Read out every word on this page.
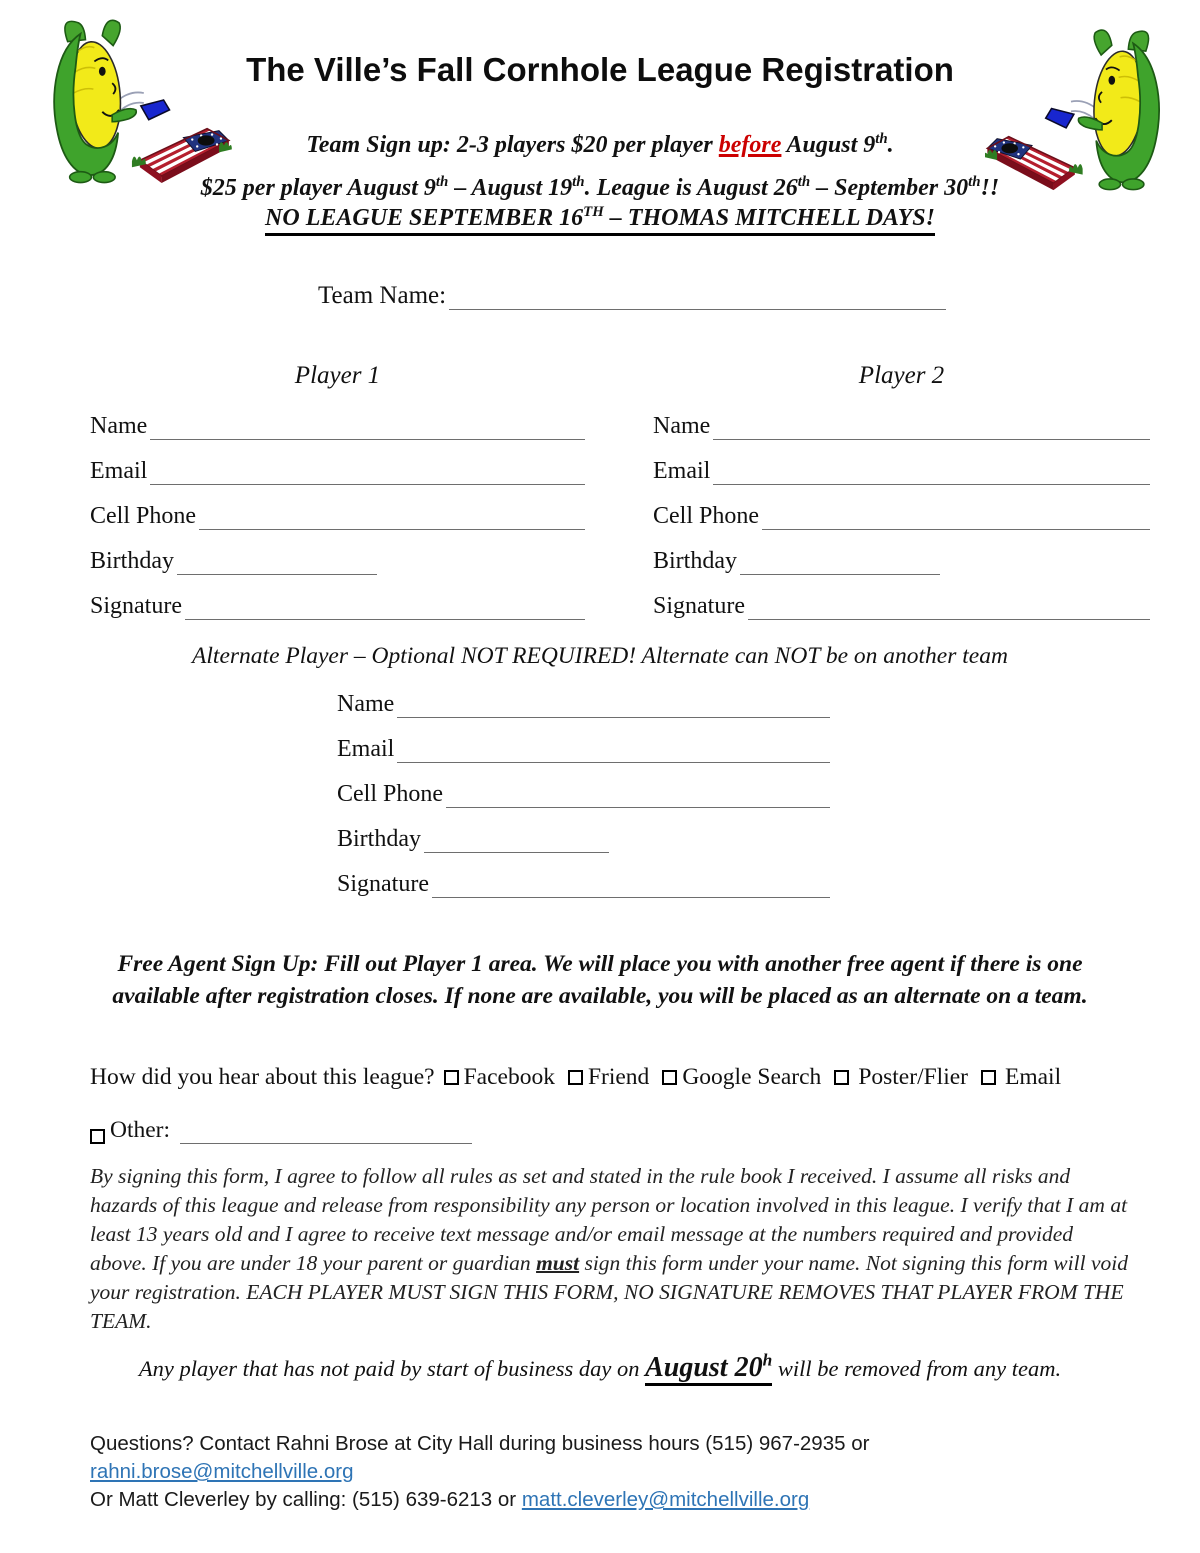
The Ville’s Fall Cornhole League Registration
Team Sign up: 2-3 players $20 per player before August 9th.
$25 per player August 9th – August 19th. League is August 26th – September 30th!!
NO LEAGUE SEPTEMBER 16TH – THOMAS MITCHELL DAYS!
Team Name:
Player 1
Name
Email
Cell Phone
Birthday
Signature
Player 2
Name
Email
Cell Phone
Birthday
Signature
Alternate Player – Optional NOT REQUIRED! Alternate can NOT be on another team
Name
Email
Cell Phone
Birthday
Signature
Free Agent Sign Up: Fill out Player 1 area. We will place you with another free agent if there is one available after registration closes. If none are available, you will be placed as an alternate on a team.
How did you hear about this league? Facebook Friend Google Search Poster/Flier Email
Other:
By signing this form, I agree to follow all rules as set and stated in the rule book I received. I assume all risks and hazards of this league and release from responsibility any person or location involved in this league. I verify that I am at least 13 years old and I agree to receive text message and/or email message at the numbers required and provided above. If you are under 18 your parent or guardian must sign this form under your name. Not signing this form will void your registration. EACH PLAYER MUST SIGN THIS FORM, NO SIGNATURE REMOVES THAT PLAYER FROM THE TEAM.
Any player that has not paid by start of business day on August 20$^h$ will be removed from any team.
Questions? Contact Rahni Brose at City Hall during business hours (515) 967-2935 or rahni.brose@mitchellville.org
Or Matt Cleverley by calling: (515) 639-6213 or matt.cleverley@mitchellville.org
